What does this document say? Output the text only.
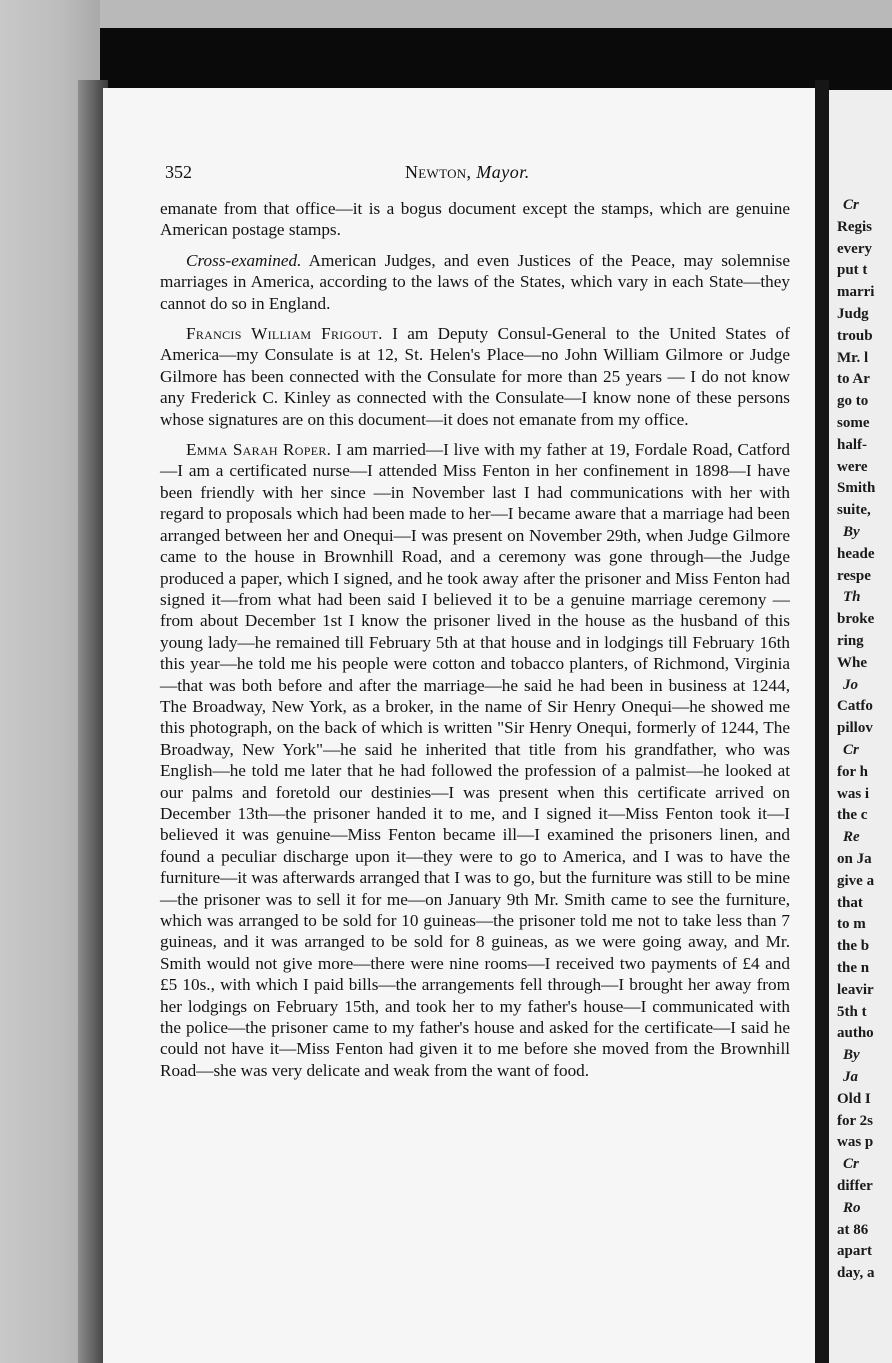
352	Newton, Mayor.

emanate from that office—it is a bogus document except the stamps, which are genuine American postage stamps.

Cross-examined. American Judges, and even Justices of the Peace, may solemnise marriages in America, according to the laws of the States, which vary in each State—they cannot do so in England.

Francis William Frigout. I am Deputy Consul-General to the United States of America—my Consulate is at 12, St. Helen's Place—no John William Gilmore or Judge Gilmore has been connected with the Consulate for more than 25 years — I do not know any Frederick C. Kinley as connected with the Consulate—I know none of these persons whose signatures are on this document—it does not emanate from my office.

Emma Sarah Roper. I am married—I live with my father at 19, Fordale Road, Catford—I am a certificated nurse—I attended Miss Fenton in her confinement in 1898—I have been friendly with her since —in November last I had communications with her with regard to proposals which had been made to her—I became aware that a marriage had been arranged between her and Onequi—I was present on November 29th, when Judge Gilmore came to the house in Brownhill Road, and a ceremony was gone through—the Judge produced a paper, which I signed, and he took away after the prisoner and Miss Fenton had signed it—from what had been said I believed it to be a genuine marriage ceremony —from about December 1st I know the prisoner lived in the house as the husband of this young lady—he remained till February 5th at that house and in lodgings till February 16th this year—he told me his people were cotton and tobacco planters, of Richmond, Virginia—that was both before and after the marriage—he said he had been in business at 1244, The Broadway, New York, as a broker, in the name of Sir Henry Onequi—he showed me this photograph, on the back of which is written "Sir Henry Onequi, formerly of 1244, The Broadway, New York"—he said he inherited that title from his grandfather, who was English—he told me later that he had followed the profession of a palmist—he looked at our palms and foretold our destinies—I was present when this certificate arrived on December 13th—the prisoner handed it to me, and I signed it—Miss Fenton took it—I believed it was genuine—Miss Fenton became ill—I examined the prisoners linen, and found a peculiar discharge upon it—they were to go to America, and I was to have the furniture—it was afterwards arranged that I was to go, but the furniture was still to be mine —the prisoner was to sell it for me—on January 9th Mr. Smith came to see the furniture, which was arranged to be sold for 10 guineas—the prisoner told me not to take less than 7 guineas, and it was arranged to be sold for 8 guineas, as we were going away, and Mr. Smith would not give more—there were nine rooms—I received two payments of £4 and £5 10s., with which I paid bills—the arrangements fell through—I brought her away from her lodgings on February 15th, and took her to my father's house—I communicated with the police—the prisoner came to my father's house and asked for the certificate—I said he could not have it—Miss Fenton had given it to me before she moved from the Brownhill Road—she was very delicate and weak from the want of food.

Cr
Regis
every
put t
marri
Judg
troub
Mr. l
to Ar
go to
some
half-
were
Smith
suite,
By
heade
respe
Th
broke
ring
Whe
Jo
Catfo
pillov
Cr
for h
was i
the c
Re
on Ja
give a
that
to m
the b
the n
leavir
5th t
autho
By
Ja
Old I
for 2s
was p
Cr
differ
Ro
at 86
apart
day, a
